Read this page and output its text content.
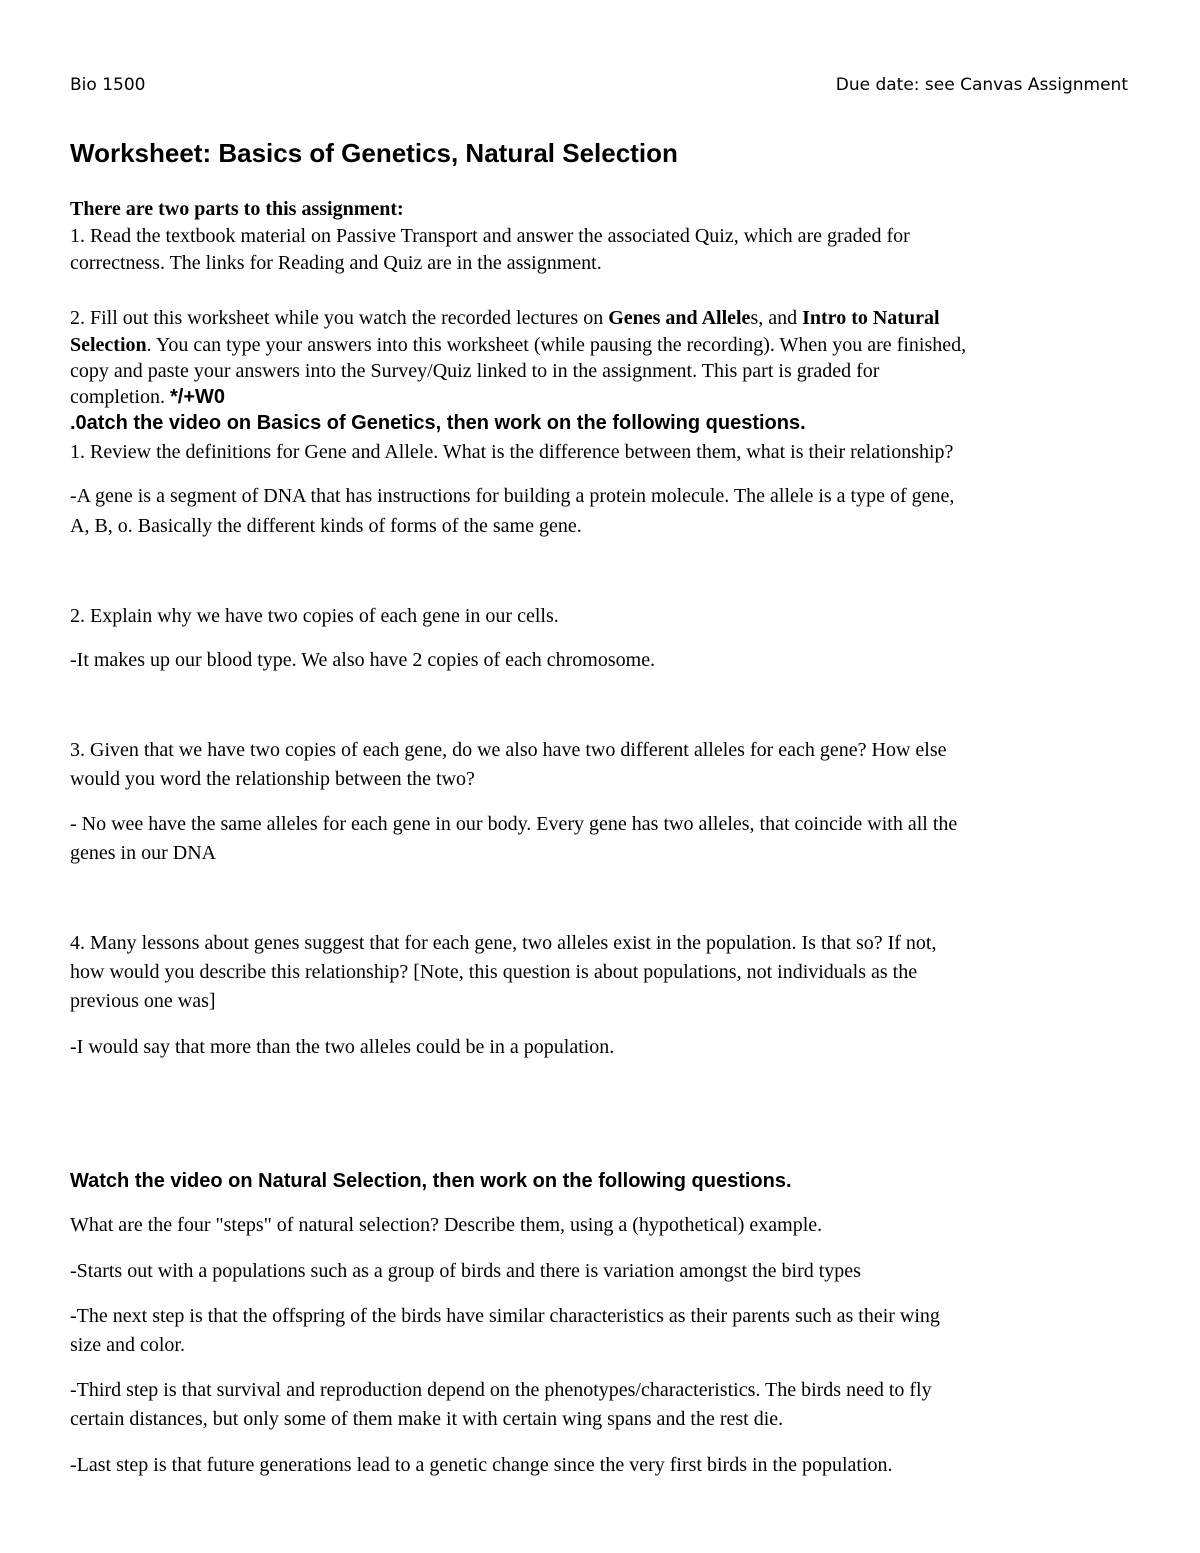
Bio 1500	Due date: see Canvas Assignment
Worksheet: Basics of Genetics, Natural Selection
There are two parts to this assignment:
1. Read the textbook material on Passive Transport and answer the associated Quiz, which are graded for
correctness. The links for Reading and Quiz are in the assignment.
2. Fill out this worksheet while you watch the recorded lectures on Genes and Alleles, and Intro to Natural
Selection. You can type your answers into this worksheet (while pausing the recording). When you are finished,
copy and paste your answers into the Survey/Quiz linked to in the assignment. This part is graded for
completion. */+W0
.0atch the video on Basics of Genetics, then work on the following questions.
1. Review the definitions for Gene and Allele. What is the difference between them, what is their relationship?
-A gene is a segment of DNA that has instructions for building a protein molecule. The allele is a type of gene,
A, B, o. Basically the different kinds of forms of the same gene.
2. Explain why we have two copies of each gene in our cells.
-It makes up our blood type. We also have 2 copies of each chromosome.
3. Given that we have two copies of each gene, do we also have two different alleles for each gene? How else
would you word the relationship between the two?
- No wee have the same alleles for each gene in our body. Every gene has two alleles, that coincide with all the
genes in our DNA
4. Many lessons about genes suggest that for each gene, two alleles exist in the population. Is that so? If not,
how would you describe this relationship? [Note, this question is about populations, not individuals as the
previous one was]
-I would say that more than the two alleles could be in a population.
Watch the video on Natural Selection, then work on the following questions.
What are the four "steps" of natural selection? Describe them, using a (hypothetical) example.
-Starts out with a populations such as a group of birds and there is variation amongst the bird types
-The next step is that the offspring of the birds have similar characteristics as their parents such as their wing
size and color.
-Third step is that survival and reproduction depend on the phenotypes/characteristics. The birds need to fly
certain distances, but only some of them make it with certain wing spans and the rest die.
-Last step is that future generations lead to a genetic change since the very first birds in the population.
